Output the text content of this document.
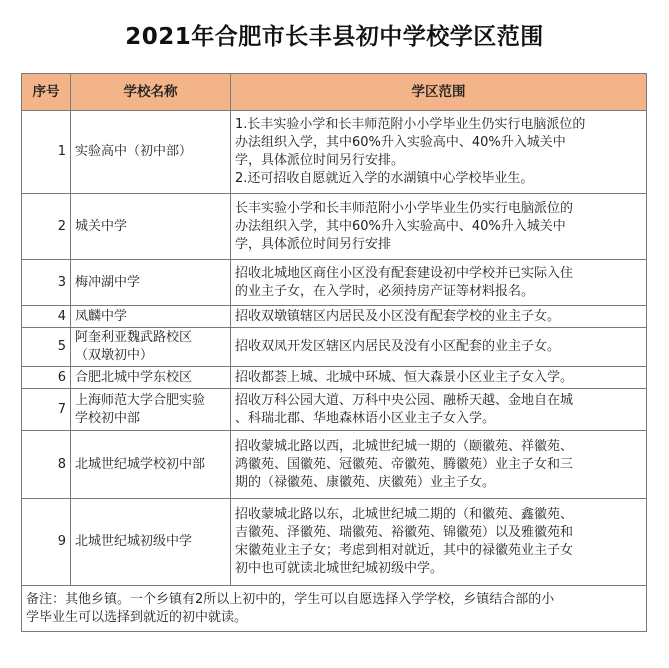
2021年合肥市长丰县初中学校学区范围
序号	学校名称	学区范围
1	实验高中（初中部）	1.长丰实验小学和长丰师范附小小学毕业生仍实行电脑派位的
办法组织入学，其中60%升入实验高中、40%升入城关中
学，具体派位时间另行安排。
2.还可招收自愿就近入学的水湖镇中心学校毕业生。

2	城关中学	长丰实验小学和长丰师范附小小学毕业生仍实行电脑派位的
办法组织入学，其中60%升入实验高中、40%升入城关中
学，具体派位时间另行安排

3	梅冲湖中学	招收北城地区商住小区没有配套建设初中学校并已实际入住
的业主子女，在入学时，必须持房产证等材料报名。

4	凤麟中学	招收双墩镇辖区内居民及小区没有配套学校的业主子女。

5	阿奎利亚魏武路校区
（双墩初中）	招收双凤开发区辖区内居民及没有小区配套的业主子女。

6	合肥北城中学东校区	招收都荟上城、北城中环城、恒大森景小区业主子女入学。

7	上海师范大学合肥实验
学校初中部	招收万科公园大道、万科中央公园、融桥天越、金地自在城
、科瑞北郡、华地森林语小区业主子女入学。

8	北城世纪城学校初中部	招收蒙城北路以西，北城世纪城一期的（颐徽苑、祥徽苑、
鸿徽苑、国徽苑、冠徽苑、帝徽苑、腾徽苑）业主子女和三
期的（禄徽苑、康徽苑、庆徽苑）业主子女。

9	北城世纪城初级中学	招收蒙城北路以东，北城世纪城二期的（和徽苑、鑫徽苑、
吉徽苑、泽徽苑、瑞徽苑、裕徽苑、锦徽苑）以及雅徽苑和
宋徽苑业主子女；考虑到相对就近，其中的禄徽苑业主子女
初中也可就读北城世纪城初级中学。

备注：其他乡镇。一个乡镇有2所以上初中的，学生可以自愿选择入学学校，乡镇结合部的小
学毕业生可以选择到就近的初中就读。		
